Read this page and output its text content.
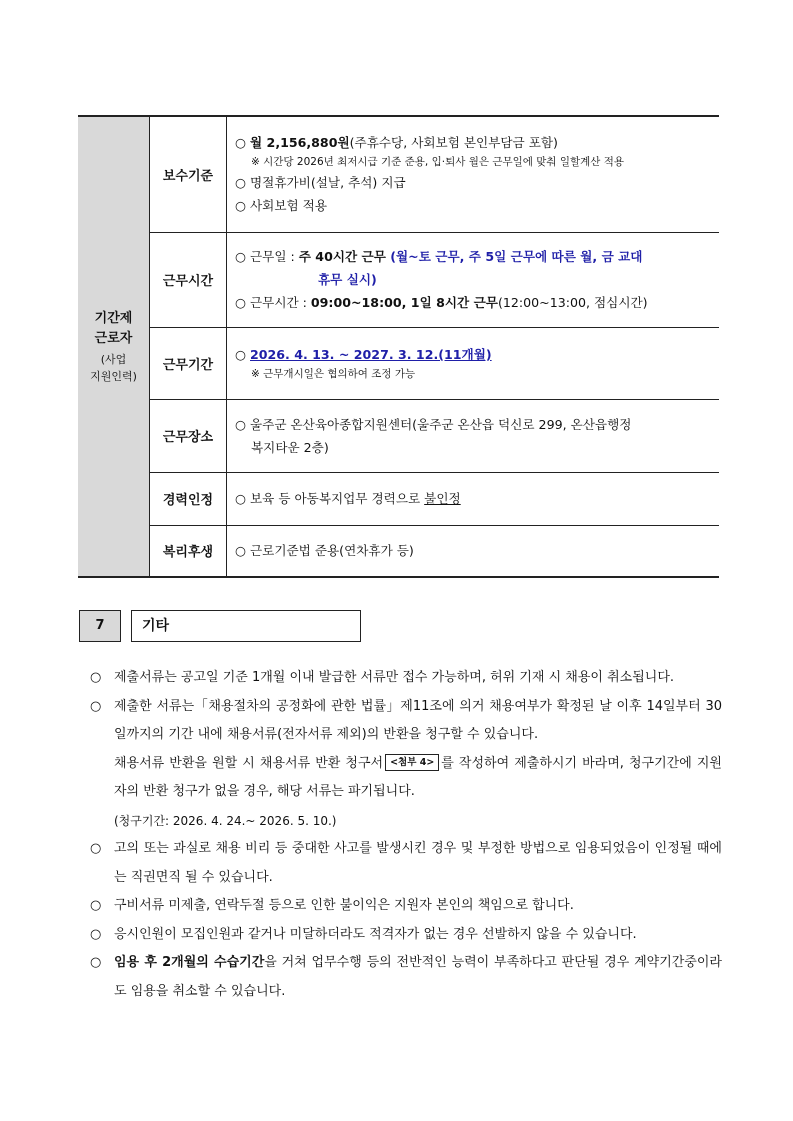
기간제
근로자
(사업
지원인력)	보수기준	○ 월 2,156,880원(주휴수당, 사회보험 본인부담금 포함)
※ 시간당 2026년 최저시급 기준 준용, 입·퇴사 월은 근무일에 맞춰 일할계산 적용
○ 명절휴가비(설날, 추석) 지급
○ 사회보험 적용

	근무시간	○ 근무일 : 주 40시간 근무 (월~토 근무, 주 5일 근무에 따른 월, 금 교대
휴무 실시)
○ 근무시간 : 09:00~18:00, 1일 8시간 근무(12:00~13:00, 점심시간)

	근무기간	○ 2026. 4. 13. ~ 2027. 3. 12.(11개월)
※ 근무개시일은 협의하여 조정 가능

	근무장소	○ 울주군 온산육아종합지원센터(울주군 온산읍 덕신로 299, 온산읍행정
복지타운 2층)

	경력인정	○ 보육 등 아동복지업무 경력으로 불인정

	복리후생	○ 근로기준법 준용(연차휴가 등)
7	기타
○ 제출서류는 공고일 기준 1개월 이내 발급한 서류만 접수 가능하며, 허위 기재 시 채용이 취소됩니다.
○ 제출한 서류는「채용절차의 공정화에 관한 법률」제11조에 의거 채용여부가 확정된 날 이후 14일부터 30일까지의 기간 내에 채용서류(전자서류 제외)의 반환을 청구할 수 있습니다.
채용서류 반환을 원할 시 채용서류 반환 청구서 <첨부 4> 를 작성하여 제출하시기 바라며, 청구기간에 지원자의 반환 청구가 없을 경우, 해당 서류는 파기됩니다.
(청구기간: 2026. 4. 24.~ 2026. 5. 10.)
○ 고의 또는 과실로 채용 비리 등 중대한 사고를 발생시킨 경우 및 부정한 방법으로 임용되었음이 인정될 때에는 직권면직 될 수 있습니다.
○ 구비서류 미제출, 연락두절 등으로 인한 불이익은 지원자 본인의 책임으로 합니다.
○ 응시인원이 모집인원과 같거나 미달하더라도 적격자가 없는 경우 선발하지 않을 수 있습니다.
○ 임용 후 2개월의 수습기간을 거쳐 업무수행 등의 전반적인 능력이 부족하다고 판단될 경우 계약기간중이라도 임용을 취소할 수 있습니다.
